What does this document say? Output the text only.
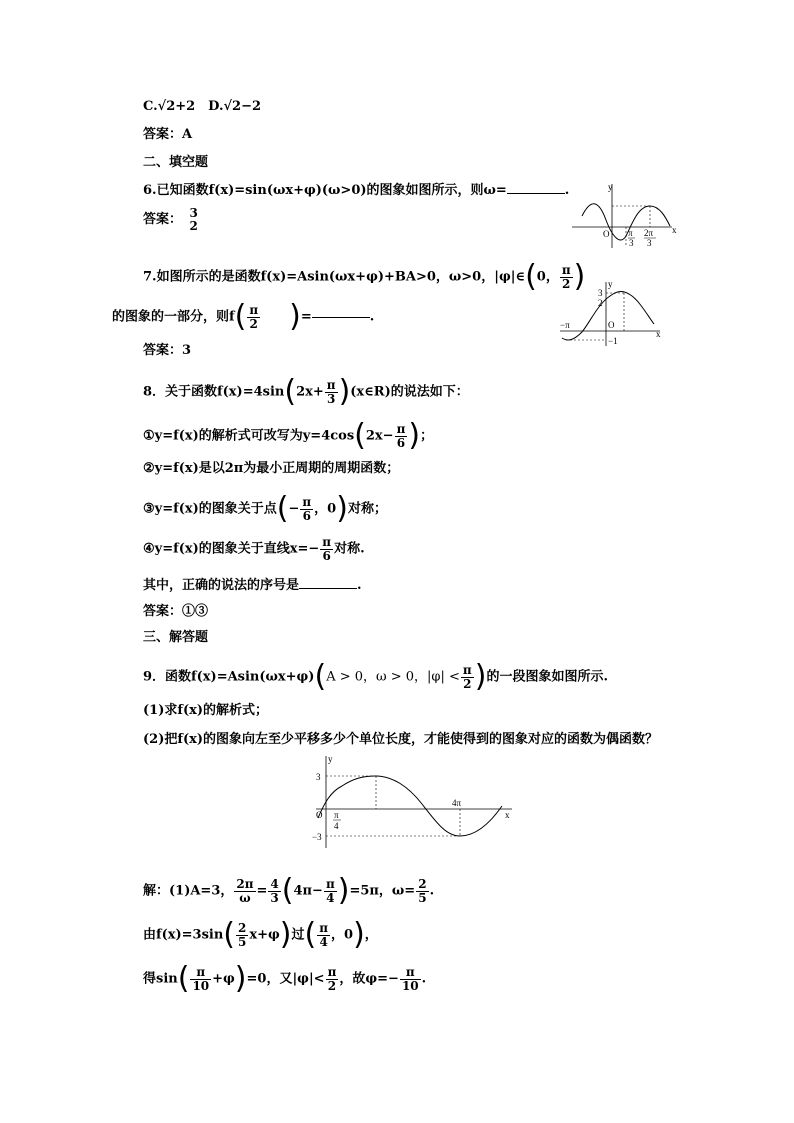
C.√2+2　D.√2−2
答案：A
二、填空题
6.已知函数f(x)=sin(ωx+φ)(ω>0)的图象如图所示，则ω=	.
答案： 3
2
y
x
O π
3
2π
3
7.如图所示的是函数f(x)=Asin(ωx+φ)+BA>0，ω>0，|φ|∈(0， $\frac{\pi}{2}$ )
的图象的一部分，则$f( \frac{\pi}{2}$ )=	.
答案：3
y
x
O
3
2
−1
−π
8．关于函数$f(x)=4\sin(2x+ \frac{\pi}{3}$ )(x∈R)的说法如下：
①y=f(x)的解析式可改写为$y=4\cos(2x- \frac{\pi}{6}$ )；
②y=f(x)是以2π为最小正周期的周期函数；
③y=f(x)的图象关于点(− $\frac{\pi}{6}$ ，0)对称；
④y=f(x)的图象关于直线$x=- \frac{\pi}{6}$ 对称.
其中，正确的说法的序号是	.
答案：①③
三、解答题
9．函数f(x)=Asin(ωx+φ)(A > 0，ω > 0，$|\varphi| < \frac{\pi}{2}$ )的一段图象如图所示.
(1)求f(x)的解析式；
(2)把f(x)的图象向左至少平移多少个单位长度，才能使得到的图象对应的函数为偶函数？
y
x
O
3
−3
π
4
4π
解：(1)A=3， $\frac{2\pi}{\omega} = \frac{4}{3} (4\pi- \frac{\pi}{4} )=5\pi$，$\omega= \frac{2}{5}$ .
由$f(x)=3\sin( \frac{2}{5} x+\varphi)$过( $\frac{\pi}{4}$ ，0)，
得$\sin( \frac{\pi}{10} +\varphi)=0$，又$|\varphi|< \frac{\pi}{2}$ ，故$\varphi=- \frac{\pi}{10}$ .
